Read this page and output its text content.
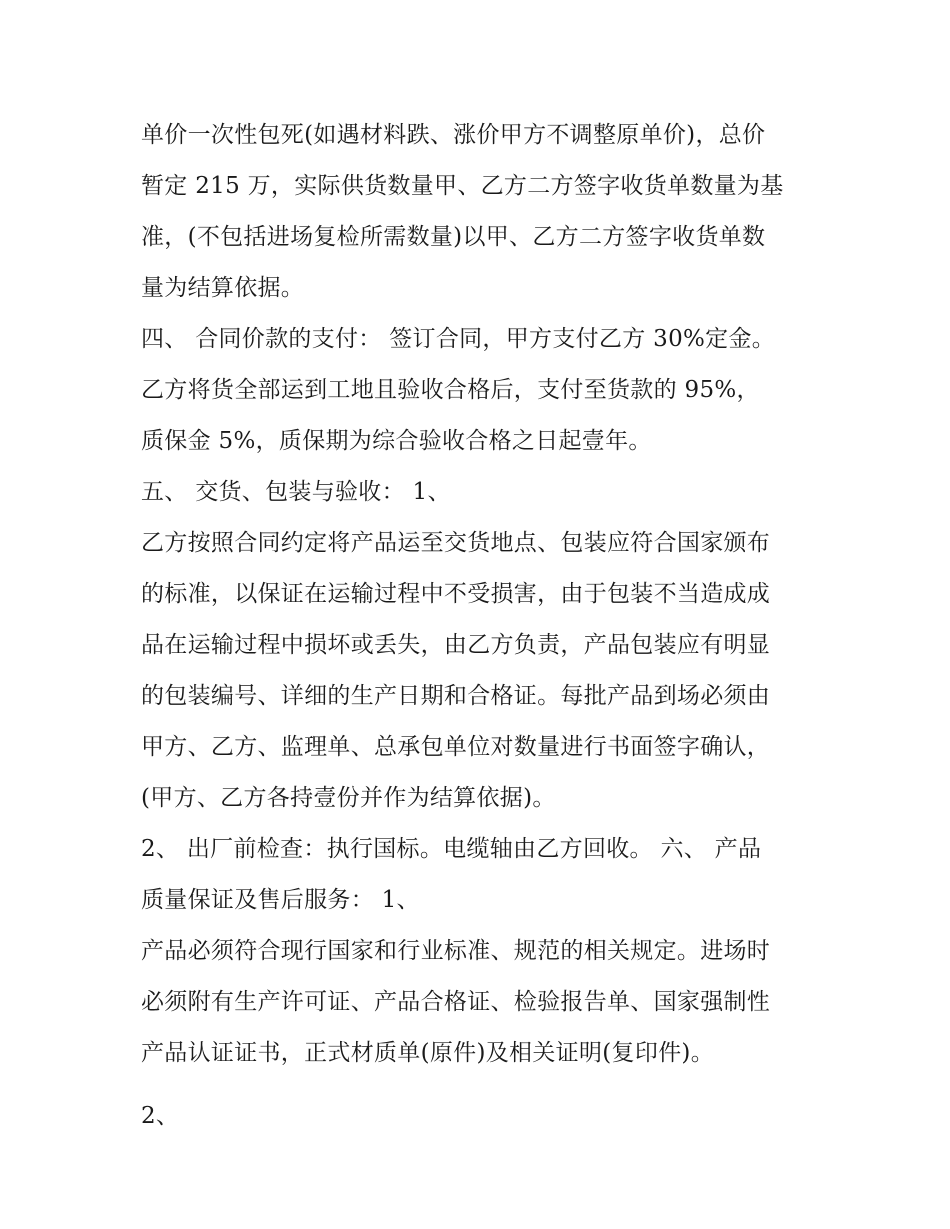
单价一次性包死(如遇材料跌、涨价甲方不调整原单价)，总价
暂定 215 万，实际供货数量甲、乙方二方签字收货单数量为基
准，(不包括进场复检所需数量)以甲、乙方二方签字收货单数
量为结算依据。
四、 合同价款的支付： 签订合同，甲方支付乙方 30%定金。
乙方将货全部运到工地且验收合格后，支付至货款的 95%，
质保金 5%，质保期为综合验收合格之日起壹年。
五、 交货、包装与验收： 1、
乙方按照合同约定将产品运至交货地点、包装应符合国家颁布
的标准，以保证在运输过程中不受损害，由于包装不当造成成
品在运输过程中损坏或丢失，由乙方负责，产品包装应有明显
的包装编号、详细的生产日期和合格证。每批产品到场必须由
甲方、乙方、监理单、总承包单位对数量进行书面签字确认，
(甲方、乙方各持壹份并作为结算依据)。
2、 出厂前检查：执行国标。电缆轴由乙方回收。 六、 产品
质量保证及售后服务： 1、
产品必须符合现行国家和行业标准、规范的相关规定。进场时
必须附有生产许可证、产品合格证、检验报告单、国家强制性
产品认证证书，正式材质单(原件)及相关证明(复印件)。
2、
